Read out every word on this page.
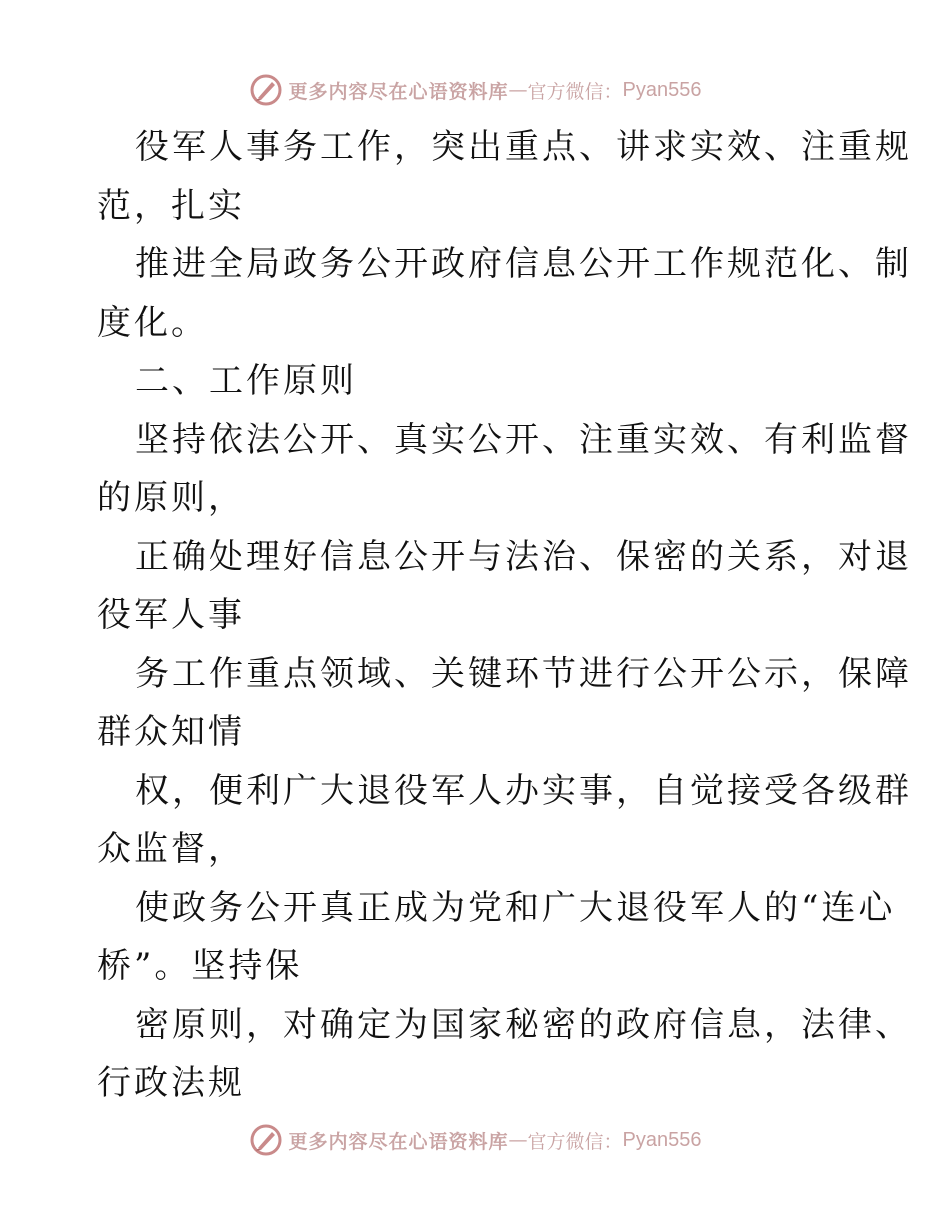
更多内容尽在心语资料库 — 官方微信： Pyan556
役军人事务工作，突出重点、讲求实效、注重规
范，扎实
推进全局政务公开政府信息公开工作规范化、制
度化。
二、工作原则
坚持依法公开、真实公开、注重实效、有利监督
的原则，
正确处理好信息公开与法治、保密的关系，对退
役军人事
务工作重点领域、关键环节进行公开公示，保障
群众知情
权，便利广大退役军人办实事，自觉接受各级群
众监督，
使政务公开真正成为党和广大退役军人的“连心
桥”。坚持保
密原则，对确定为国家秘密的政府信息，法律、
行政法规
更多内容尽在心语资料库 — 官方微信： Pyan556
